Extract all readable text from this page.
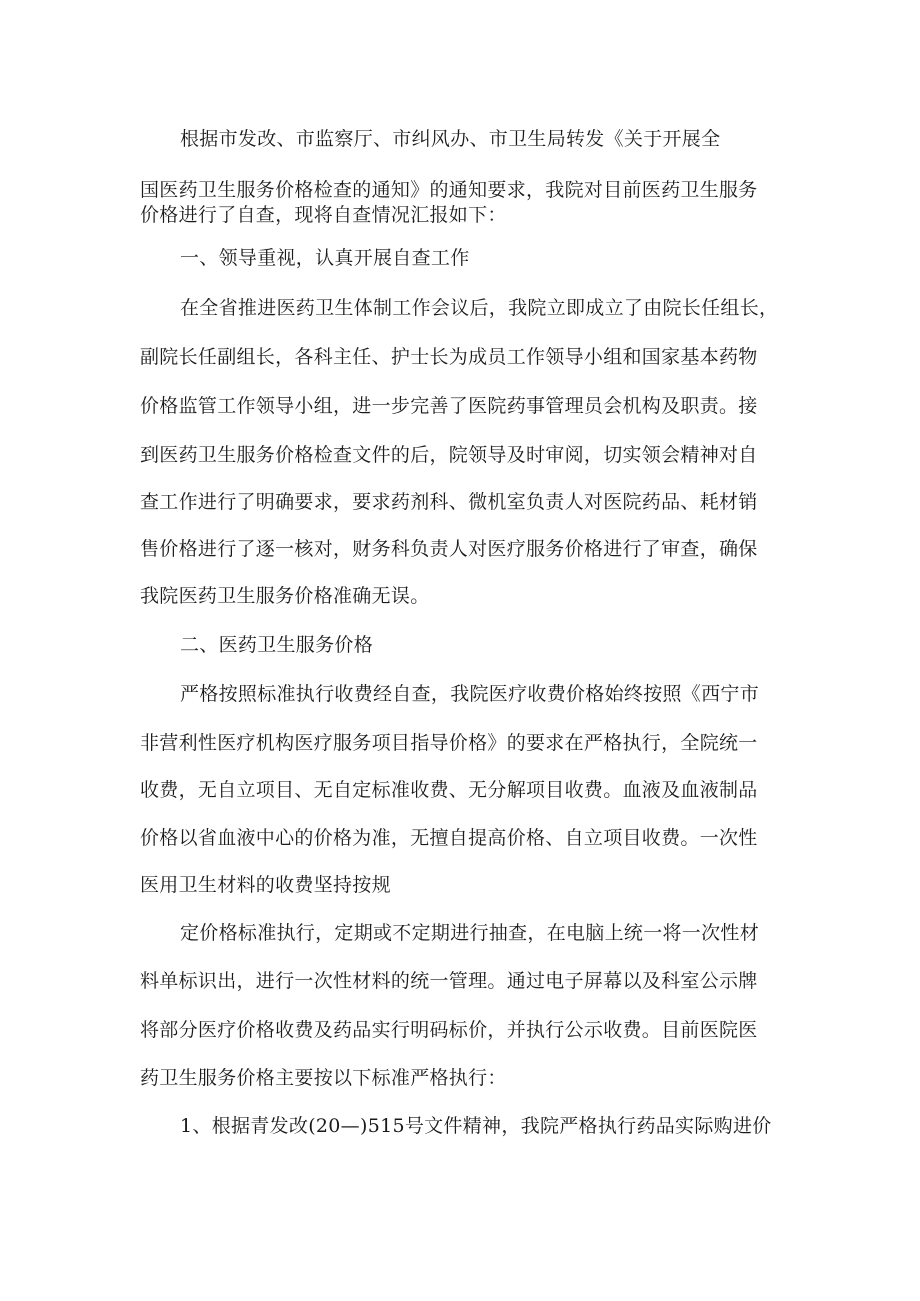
根据市发改、市监察厅、市纠风办、市卫生局转发《关于开展全
国医药卫生服务价格检查的通知》的通知要求，我院对目前医药卫生服务
价格进行了自查，现将自查情况汇报如下：
一、领导重视，认真开展自查工作
在全省推进医药卫生体制工作会议后，我院立即成立了由院长任组长，
副院长任副组长，各科主任、护士长为成员工作领导小组和国家基本药物
价格监管工作领导小组，进一步完善了医院药事管理员会机构及职责。接
到医药卫生服务价格检查文件的后，院领导及时审阅，切实领会精神对自
查工作进行了明确要求，要求药剂科、微机室负责人对医院药品、耗材销
售价格进行了逐一核对，财务科负责人对医疗服务价格进行了审查，确保
我院医药卫生服务价格准确无误。
二、医药卫生服务价格
严格按照标准执行收费经自查，我院医疗收费价格始终按照《西宁市
非营利性医疗机构医疗服务项目指导价格》的要求在严格执行，全院统一
收费，无自立项目、无自定标准收费、无分解项目收费。血液及血液制品
价格以省血液中心的价格为准，无擅自提高价格、自立项目收费。一次性
医用卫生材料的收费坚持按规
定价格标准执行，定期或不定期进行抽查，在电脑上统一将一次性材
料单标识出，进行一次性材料的统一管理。通过电子屏幕以及科室公示牌
将部分医疗价格收费及药品实行明码标价，并执行公示收费。目前医院医
药卫生服务价格主要按以下标准严格执行：
1、根据青发改(20—)515号文件精神，我院严格执行药品实际购进价
